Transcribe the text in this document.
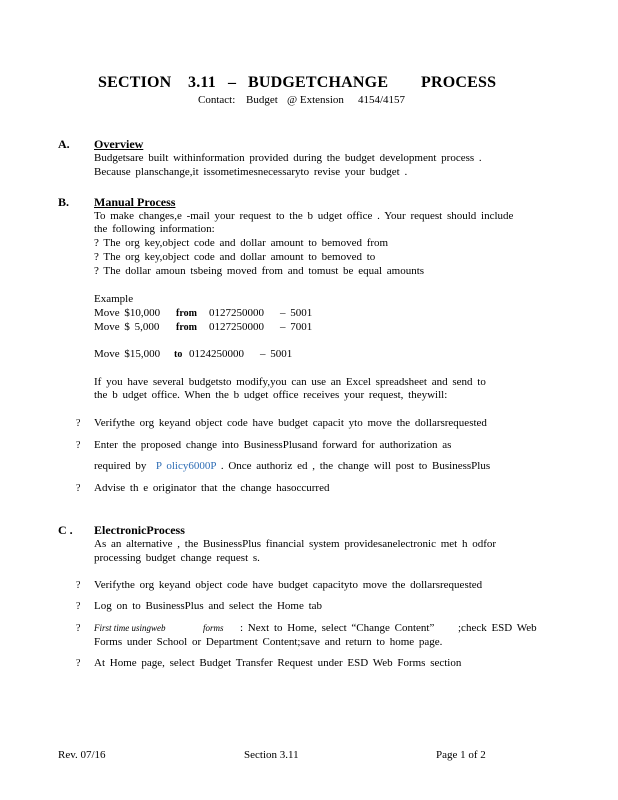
SECTION 3.11 – BUDGETCHANGE PROCESS
Contact: Budget @ Extension 4154/4157
A. Overview
Budgetsare built withinformation provided during the budget development process .
Because planschange,it issometimesnecessaryto revise your budget .
B. Manual Process
To make changes,e -mail your request to the b udget office . Your request should include
the following information:
? The org key,object code and dollar amount to bemoved from
? The org key,object code and dollar amount to bemoved to
? The dollar amoun tsbeing moved from and tomust be equal amounts
Example
Move $10,000 from 0127250000 – 5001
Move $ 5,000 from 0127250000 – 7001
Move $15,000 to 0124250000 – 5001
If you have several budgetsto modify,you can use an Excel spreadsheet and send to
the b udget office. When the b udget office receives your request, theywill:
? Verifythe org keyand object code have budget capacit yto move the dollarsrequested
? Enter the proposed change into BusinessPlusand forward for authorization as
required by P olicy6000P . Once authoriz ed , the change will post to BusinessPlus
? Advise th e originator that the change hasoccurred
C . ElectronicProcess
As an alternative , the BusinessPlus financial system providesanelectronic met h odfor
processing budget change request s.
? Verifythe org keyand object code have budget capacityto move the dollarsrequested
? Log on to BusinessPlus and select the Home tab
? First time usingweb	forms : Next to Home, select “Change Content” ;check ESD Web
Forms under School or Department Content;save and return to home page.
? At Home page, select Budget Transfer Request under ESD Web Forms section
Rev. 07/16	Section 3.11	Page 1 of 2
